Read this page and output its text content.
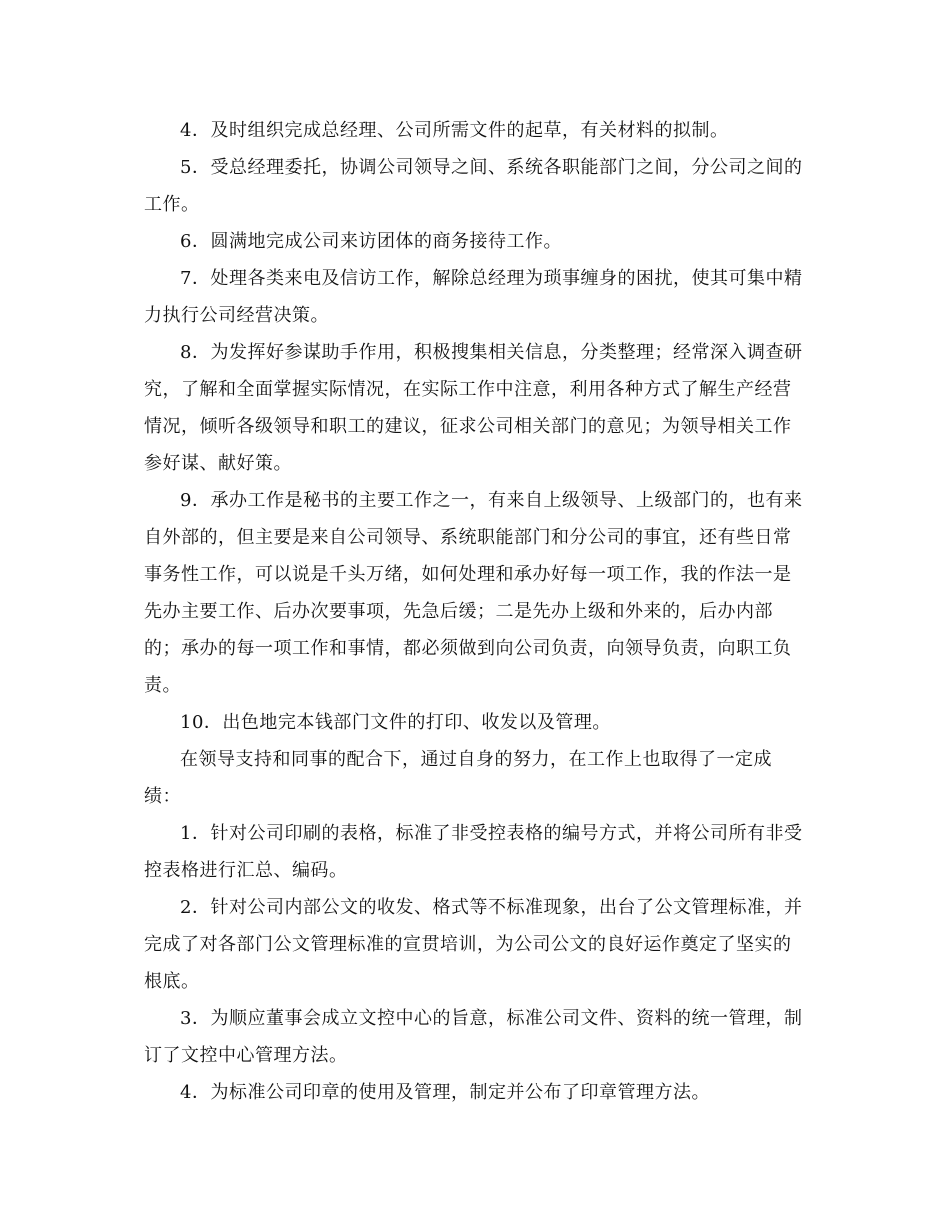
4．及时组织完成总经理、公司所需文件的起草，有关材料的拟制。

5．受总经理委托，协调公司领导之间、系统各职能部门之间，分公司之间的工作。

6．圆满地完成公司来访团体的商务接待工作。

7．处理各类来电及信访工作，解除总经理为琐事缠身的困扰，使其可集中精力执行公司经营决策。

8．为发挥好参谋助手作用，积极搜集相关信息，分类整理；经常深入调查研究，了解和全面掌握实际情况，在实际工作中注意，利用各种方式了解生产经营情况，倾听各级领导和职工的建议，征求公司相关部门的意见；为领导相关工作参好谋、献好策。

9．承办工作是秘书的主要工作之一，有来自上级领导、上级部门的，也有来自外部的，但主要是来自公司领导、系统职能部门和分公司的事宜，还有些日常事务性工作，可以说是千头万绪，如何处理和承办好每一项工作，我的作法一是先办主要工作、后办次要事项，先急后缓；二是先办上级和外来的，后办内部的；承办的每一项工作和事情，都必须做到向公司负责，向领导负责，向职工负责。

10．出色地完本钱部门文件的打印、收发以及管理。

在领导支持和同事的配合下，通过自身的努力，在工作上也取得了一定成绩：

1．针对公司印刷的表格，标准了非受控表格的编号方式，并将公司所有非受控表格进行汇总、编码。

2．针对公司内部公文的收发、格式等不标准现象，出台了公文管理标准，并完成了对各部门公文管理标准的宣贯培训，为公司公文的良好运作奠定了坚实的根底。

3．为顺应董事会成立文控中心的旨意，标准公司文件、资料的统一管理，制订了文控中心管理方法。

4．为标准公司印章的使用及管理，制定并公布了印章管理方法。
